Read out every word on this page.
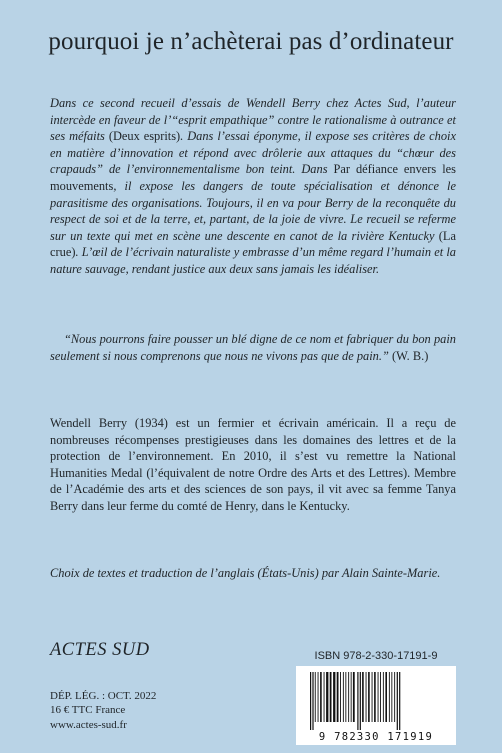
pourquoi je n’achèterai pas d’ordinateur
Dans ce second recueil d’essais de Wendell Berry chez Actes Sud, l’auteur intercède en faveur de l’“esprit empathique” contre le rationalisme à outrance et ses méfaits (Deux esprits). Dans l’essai éponyme, il expose ses critères de choix en matière d’innovation et répond avec drôlerie aux attaques du “chœur des crapauds” de l’environnementalisme bon teint. Dans Par défiance envers les mouvements, il expose les dangers de toute spécialisation et dénonce le parasitisme des organisations. Toujours, il en va pour Berry de la reconquête du respect de soi et de la terre, et, partant, de la joie de vivre. Le recueil se referme sur un texte qui met en scène une descente en canot de la rivière Kentucky (La crue). L’œil de l’écrivain naturaliste y embrasse d’un même regard l’humain et la nature sauvage, rendant justice aux deux sans jamais les idéaliser.
“Nous pourrons faire pousser un blé digne de ce nom et fabriquer du bon pain seulement si nous comprenons que nous ne vivons pas que de pain.” (W. B.)
Wendell Berry (1934) est un fermier et écrivain américain. Il a reçu de nombreuses récompenses prestigieuses dans les domaines des lettres et de la protection de l’environnement. En 2010, il s’est vu remettre la National Humanities Medal (l’équivalent de notre Ordre des Arts et des Lettres). Membre de l’Académie des arts et des sciences de son pays, il vit avec sa femme Tanya Berry dans leur ferme du comté de Henry, dans le Kentucky.
Choix de textes et traduction de l’anglais (États-Unis) par Alain Sainte-Marie.
ACTES SUD
DÉP. LÉG. : OCT. 2022
16 € TTC France
www.actes-sud.fr
ISBN 978-2-330-17191-9
9 782330 171919
